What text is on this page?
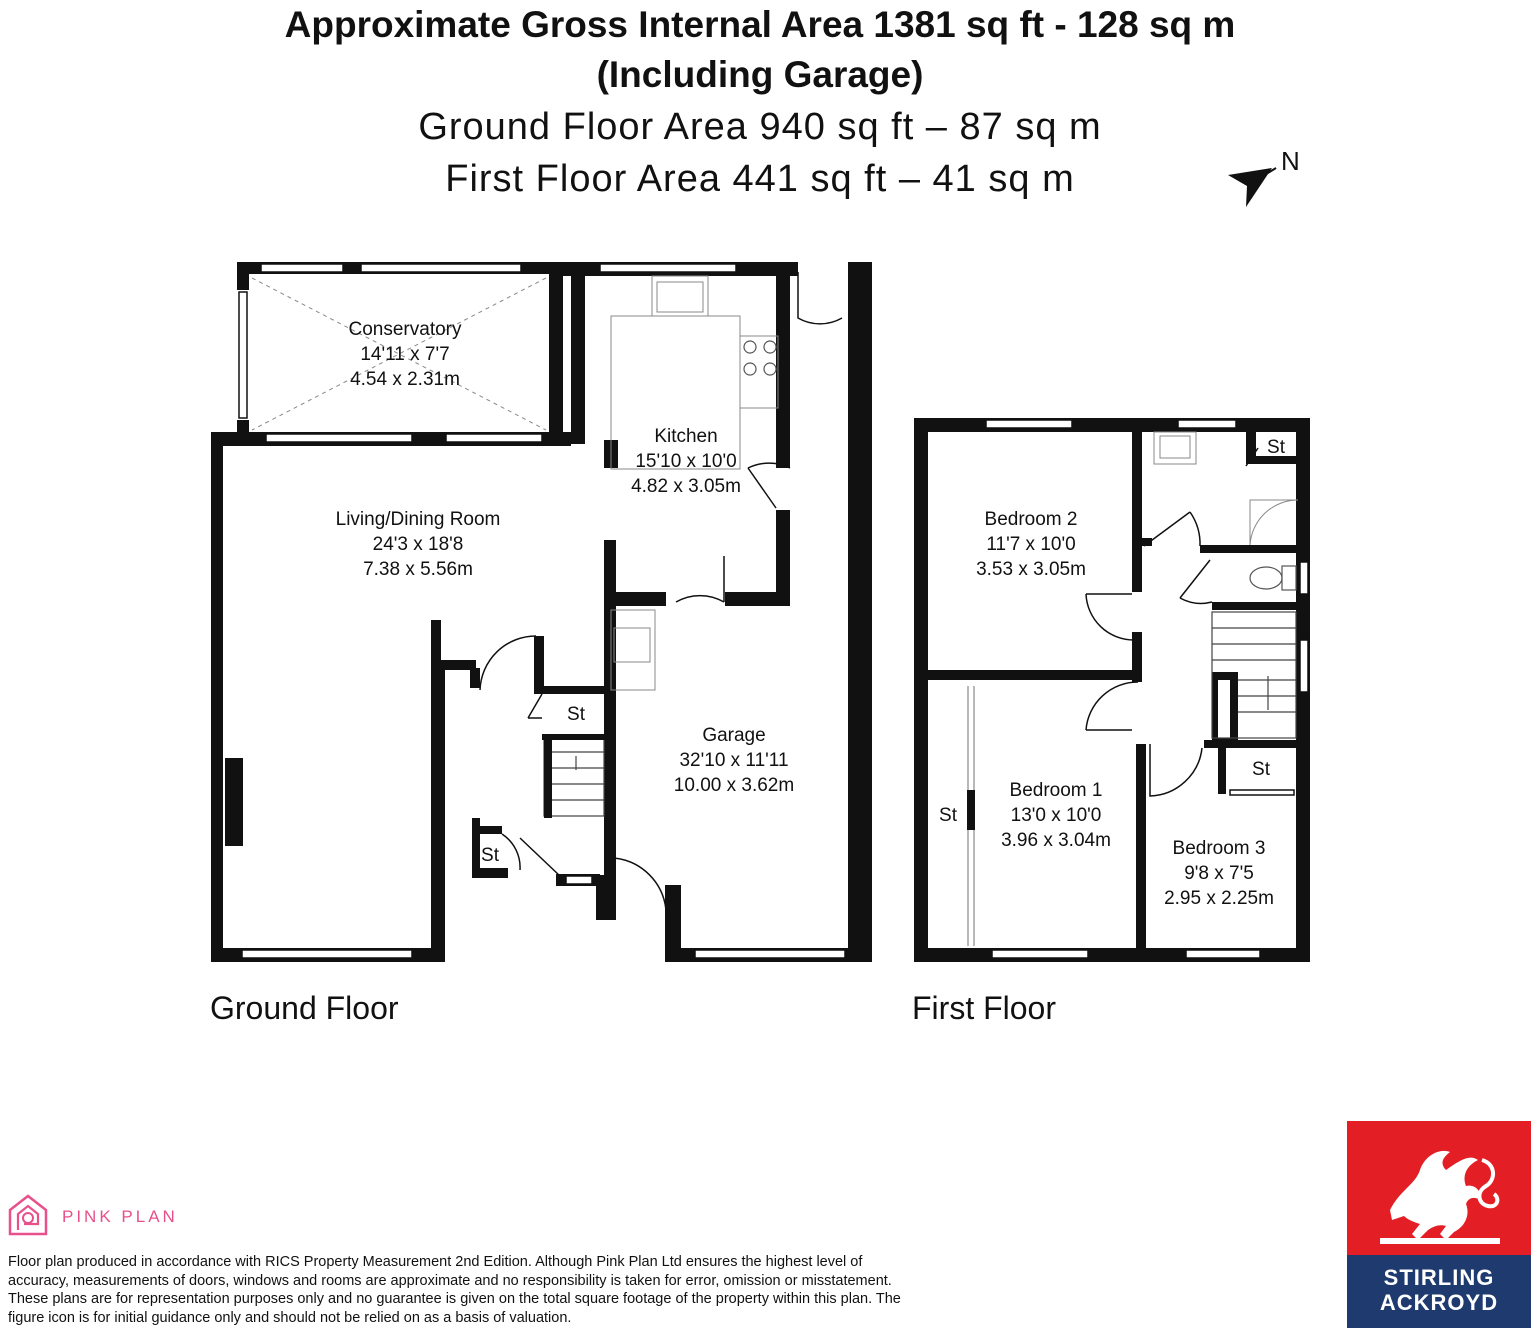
Approximate Gross Internal Area 1381 sq ft - 128 sq m
(Including Garage)
Ground Floor Area 940 sq ft – 87 sq m
First Floor Area 441 sq ft – 41 sq m	N
Conservatory
14'11 x 7'7
4.54 x 2.31m
Kitchen
15'10 x 10'0
4.82 x 3.05m
Living/Dining Room
24'3 x 18'8
7.38 x 5.56m
Garage
32'10 x 11'11
10.00 x 3.62m
St
St
Ground Floor
Bedroom 2
11'7 x 10'0
3.53 x 3.05m
Bedroom 1
13'0 x 10'0
3.96 x 3.04m	Bedroom 3
9'8 x 7'5
2.95 x 2.25m
St
St
St
First Floor
PINK PLAN
STIRLING
ACKROYD
Floor plan produced in accordance with RICS Property Measurement 2nd Edition. Although Pink Plan Ltd ensures the highest level of accuracy, measurements of doors, windows and rooms are approximate and no responsibility is taken for error, omission or misstatement. These plans are for representation purposes only and no guarantee is given on the total square footage of the property within this plan. The figure icon is for initial guidance only and should not be relied on as a basis of valuation.
